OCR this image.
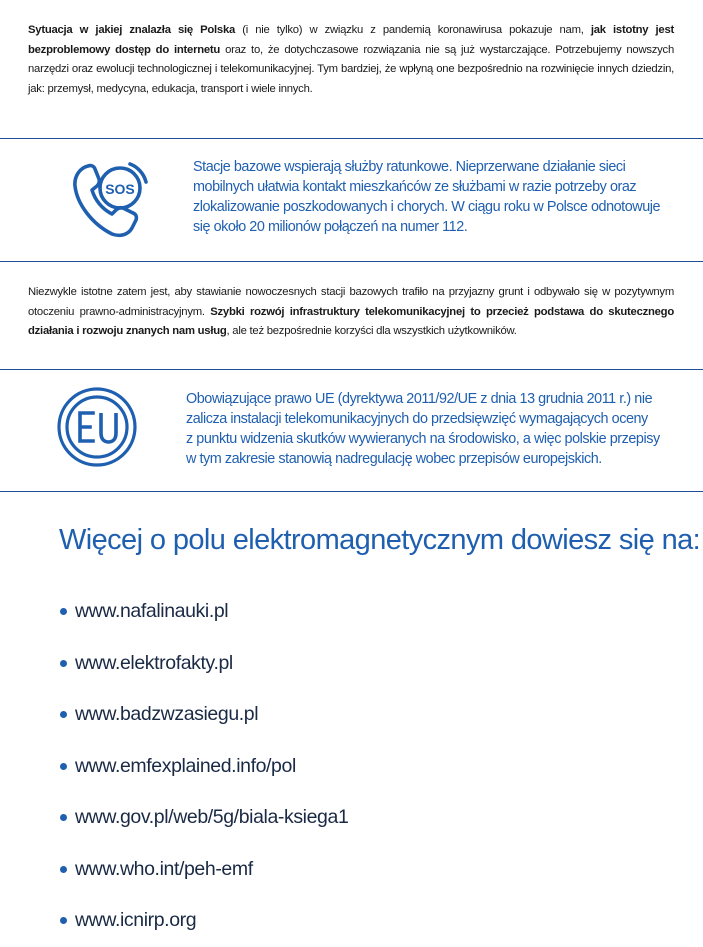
Sytuacja w jakiej znalazła się Polska (i nie tylko) w związku z pandemią koronawirusa pokazuje nam, jak istotny jest bezproblemowy dostęp do internetu oraz to, że dotychczasowe rozwiązania nie są już wystarczające. Potrzebujemy nowszych narzędzi oraz ewolucji technologicznej i telekomunikacyjnej. Tym bardziej, że wpłyną one bezpośrednio na rozwinięcie innych dziedzin, jak: przemysł, medycyna, edukacja, transport i wiele innych.

SOS
Stacje bazowe wspierają służby ratunkowe. Nieprzerwane działanie sieci
mobilnych ułatwia kontakt mieszkańców ze służbami w razie potrzeby oraz
zlokalizowanie poszkodowanych i chorych. W ciągu roku w Polsce odnotowuje
się około 20 milionów połączeń na numer 112.

Niezwykle istotne zatem jest, aby stawianie nowoczesnych stacji bazowych trafiło na przyjazny grunt i odbywało się w pozytywnym otoczeniu prawno-administracyjnym. Szybki rozwój infrastruktury telekomunikacyjnej to przecież podstawa do skutecznego działania i rozwoju znanych nam usług, ale też bezpośrednie korzyści dla wszystkich użytkowników.

EU
Obowiązujące prawo UE (dyrektywa 2011/92/UE z dnia 13 grudnia 2011 r.) nie
zalicza instalacji telekomunikacyjnych do przedsięwzięć wymagających oceny
z punktu widzenia skutków wywieranych na środowisko, a więc polskie przepisy
w tym zakresie stanowią nadregulację wobec przepisów europejskich.
Więcej o polu elektromagnetycznym dowiesz się na:
www.nafalinauki.pl
www.elektrofakty.pl
www.badzwzasiegu.pl
www.emfexplained.info/pol
www.gov.pl/web/5g/biala-ksiega1
www.who.int/peh-emf
www.icnirp.org
